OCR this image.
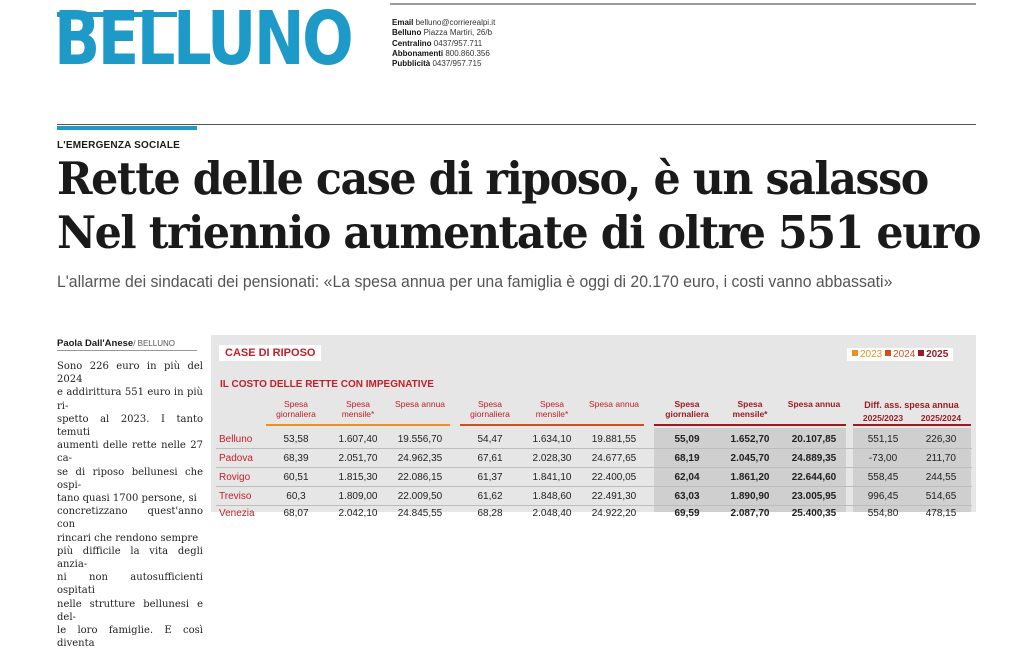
BELLUNO	Email belluno@corrierealpi.it
Belluno Piazza Martiri, 26/b
Centralino 0437/957.711
Abbonamenti 800.860.356
Pubblicità 0437/957.715
L'EMERGENZA SOCIALE
Rette delle case di riposo, è un salasso
Nel triennio aumentate di oltre 551 euro
L'allarme dei sindacati dei pensionati: «La spesa annua per una famiglia è oggi di 20.170 euro, i costi vanno abbassati»
Paola Dall'Anese/ BELLUNO
Sono 226 euro in più del 2024
e addirittura 551 euro in più ri-
spetto al 2023. I tanto temuti
aumenti delle rette nelle 27 ca-
se di riposo bellunesi che ospi-
tano quasi 1700 persone, si
concretizzano quest'anno con
rincari che rendono sempre
più difficile la vita degli anzia-
ni non autosufficienti ospitati
nelle strutture bellunesi e del-
le loro famiglie. E così diventa
CASE DI RIPOSO	2023 2024 2025
IL COSTO DELLE RETTE CON IMPEGNATIVE
Spesa giornaliera
Spesa mensile*
Spesa annua	Spesa giornaliera
Spesa mensile*
Spesa annua	Spesa giornaliera
Spesa mensile*
Spesa annua	Diff. ass. spesa annua
2025/2023	2025/2024
Belluno	53,58	1.607,40	19.556,70	54,47	1.634,10	19.881,55	55,09	1.652,70	20.107,85	551,15	226,30
Padova	68,39	2.051,70	24.962,35	67,61	2.028,30	24.677,65	68,19	2.045,70	24.889,35	-73,00	211,70
Rovigo	60,51	1.815,30	22.086,15	61,37	1.841,10	22.400,05	62,04	1.861,20	22.644,60	558,45	244,55
Treviso	60,3	1.809,00	22.009,50	61,62	1.848,60	22.491,30	63,03	1.890,90	23.005,95	996,45	514,65
Venezia	68,07	2.042,10	24.845,55	68,28	2.048,40	24.922,20	69,59	2.087,70	25.400,35	554,80	478,15
